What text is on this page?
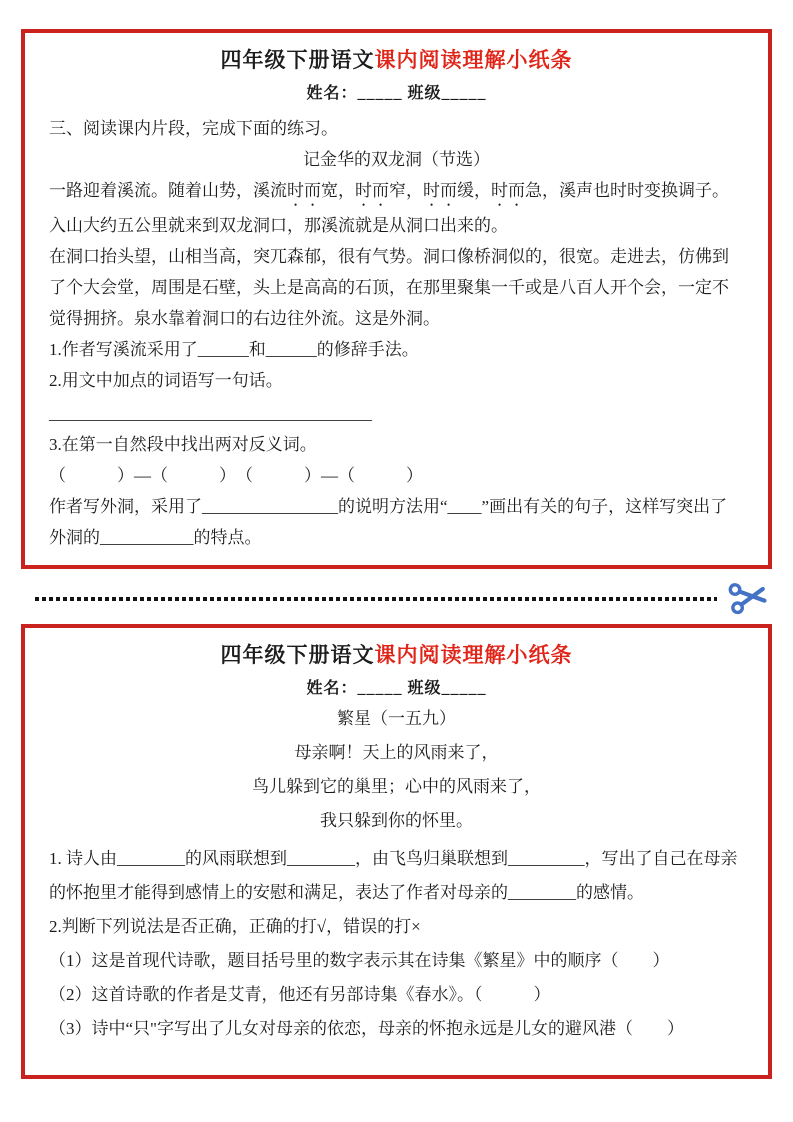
四年级下册语文课内阅读理解小纸条
姓名：_____ 班级_____

三、阅读课内片段，完成下面的练习。

记金华的双龙洞（节选）

一路迎着溪流。随着山势，溪流时而宽，时而窄，时而缓，时而急，溪声也时时变换调子。入山大约五公里就来到双龙洞口，那溪流就是从洞口出来的。

在洞口抬头望，山相当高，突兀森郁，很有气势。洞口像桥洞似的，很宽。走进去，仿佛到了个大会堂，周围是石壁，头上是高高的石顶，在那里聚集一千或是八百人开个会，一定不觉得拥挤。泉水靠着洞口的右边往外流。这是外洞。

1.作者写溪流采用了______和______的修辞手法。

2.用文中加点的词语写一句话。

______________________________________

3.在第一自然段中找出两对反义词。

（　　　）—（　　　）　（　　　）—（　　　）

作者写外洞，采用了________________的说明方法用“____”画出有关的句子，这样写突出了外洞的___________的特点。

四年级下册语文课内阅读理解小纸条
姓名：_____ 班级_____

繁星（一五九）

母亲啊！天上的风雨来了，

鸟儿躲到它的巢里；心中的风雨来了，

我只躲到你的怀里。

1. 诗人由________的风雨联想到________，由飞鸟归巢联想到_________，写出了自己在母亲的怀抱里才能得到感情上的安慰和满足，表达了作者对母亲的________的感情。

2.判断下列说法是否正确，正确的打√，错误的打×

（1）这是首现代诗歌，题目括号里的数字表示其在诗集《繁星》中的顺序（　　）

（2）这首诗歌的作者是艾青，他还有另部诗集《春水》。（　　　）

（3）诗中“只"字写出了儿女对母亲的依恋，母亲的怀抱永远是儿女的避风港（　　）
